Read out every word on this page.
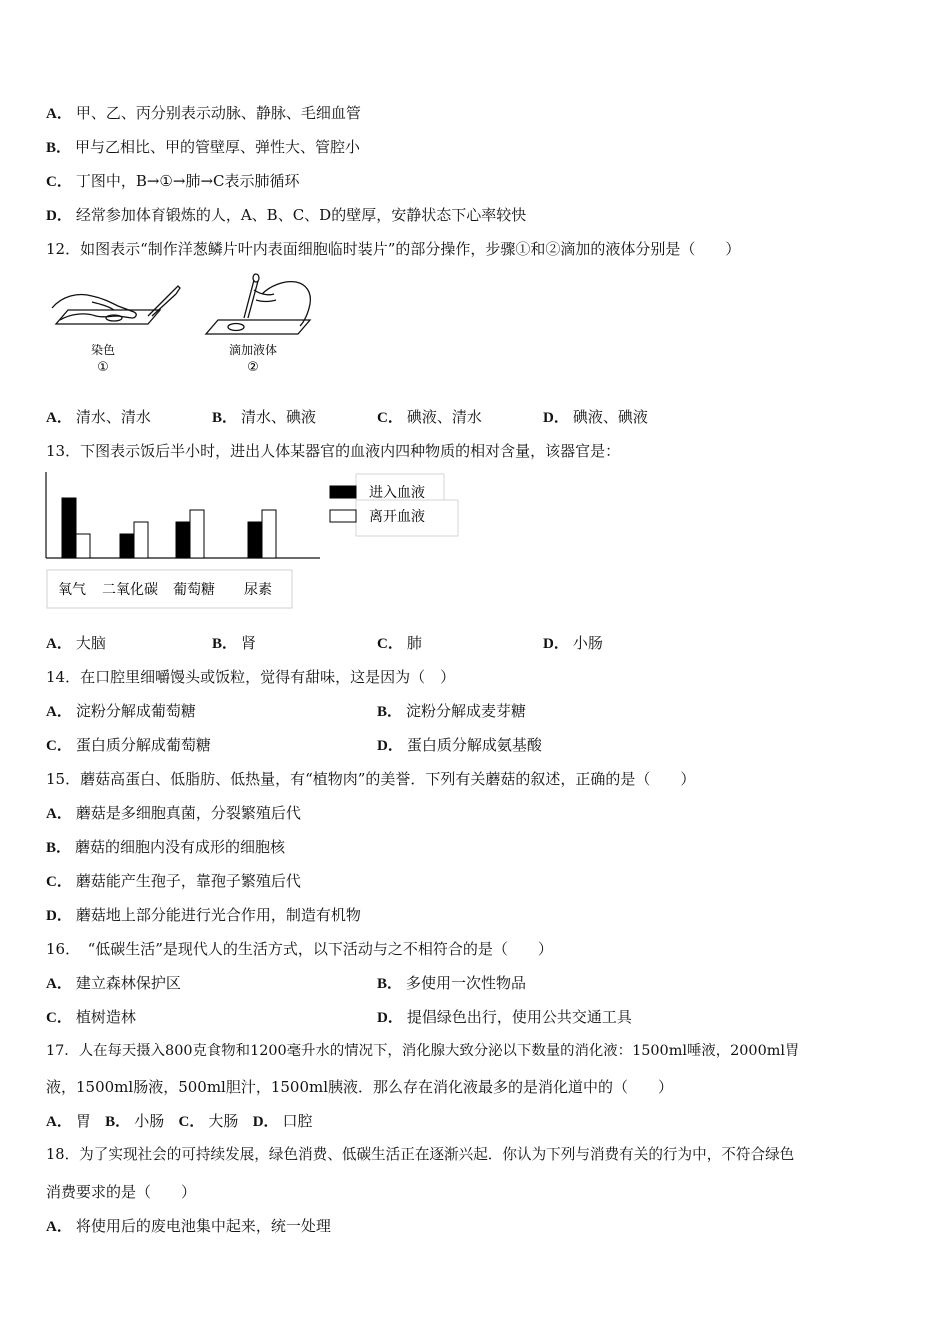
A． 甲、乙、丙分别表示动脉、静脉、毛细血管
B． 甲与乙相比、甲的管壁厚、弹性大、管腔小
C． 丁图中，B→①→肺→C表示肺循环
D． 经常参加体育锻炼的人，A、B、C、D的壁厚，安静状态下心率较快
12．如图表示“制作洋葱鳞片叶内表面细胞临时装片”的部分操作，步骤①和②滴加的液体分别是（　　）
染色
①
滴加液体
②
A． 清水、清水	B． 清水、碘液	C． 碘液、清水	D． 碘液、碘液
13．下图表示饭后半小时，进出人体某器官的血液内四种物质的相对含量，该器官是：
氧气 二氧化碳 葡萄糖 尿素
进入血液
离开血液
A． 大脑	B． 肾	C． 肺	D． 小肠
14．在口腔里细嚼馒头或饭粒，觉得有甜味，这是因为（　）
A． 淀粉分解成葡萄糖	B． 淀粉分解成麦芽糖
C． 蛋白质分解成葡萄糖	D． 蛋白质分解成氨基酸
15．蘑菇高蛋白、低脂肪、低热量，有“植物肉”的美誉．下列有关蘑菇的叙述，正确的是（　　）
A． 蘑菇是多细胞真菌，分裂繁殖后代
B． 蘑菇的细胞内没有成形的细胞核
C． 蘑菇能产生孢子，靠孢子繁殖后代
D． 蘑菇地上部分能进行光合作用，制造有机物
16．　“低碳生活”是现代人的生活方式，以下活动与之不相符合的是（　　）
A． 建立森林保护区	B． 多使用一次性物品
C． 植树造林	D． 提倡绿色出行，使用公共交通工具
17．人在每天摄入800克食物和1200毫升水的情况下，消化腺大致分泌以下数量的消化液：1500ml唾液，2000ml胃
液，1500ml肠液，500ml胆汁，1500ml胰液．那么存在消化液最多的是消化道中的（　　）
A． 胃 B． 小肠 C． 大肠 D． 口腔
18．为了实现社会的可持续发展，绿色消费、低碳生活正在逐渐兴起．你认为下列与消费有关的行为中，不符合绿色
消费要求的是（　　）
A． 将使用后的废电池集中起来，统一处理
